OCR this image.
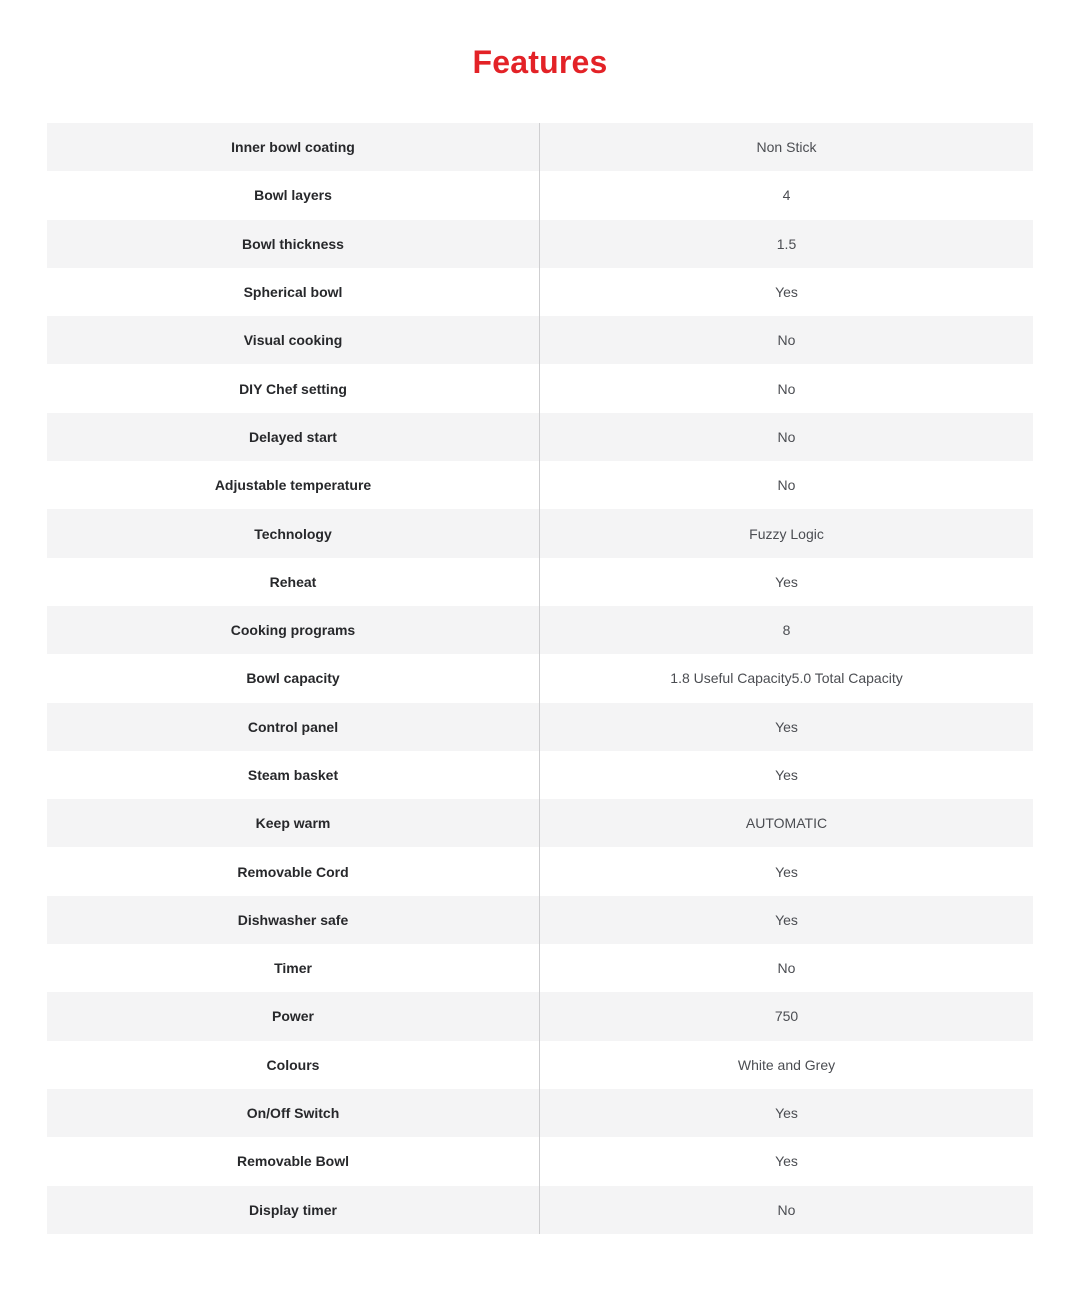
Features
Inner bowl coating	Non Stick
Bowl layers	4
Bowl thickness	1.5
Spherical bowl	Yes
Visual cooking	No
DIY Chef setting	No
Delayed start	No
Adjustable temperature	No
Technology	Fuzzy Logic
Reheat	Yes
Cooking programs	8
Bowl capacity	1.8 Useful Capacity5.0 Total Capacity
Control panel	Yes
Steam basket	Yes
Keep warm	AUTOMATIC
Removable Cord	Yes
Dishwasher safe	Yes
Timer	No
Power	750
Colours	White and Grey
On/Off Switch	Yes
Removable Bowl	Yes
Display timer	No
